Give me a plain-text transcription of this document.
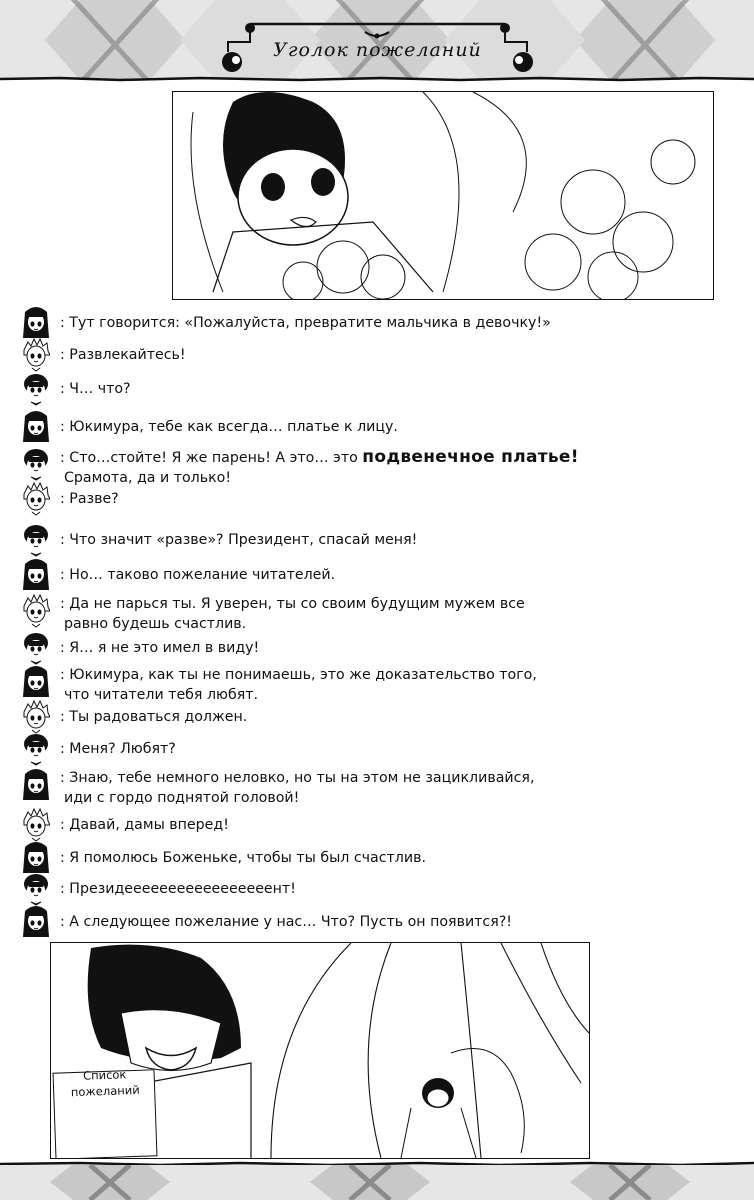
Уголок пожеланий
: Тут говорится: «Пожалуйста, превратите мальчика в девочку!»
: Развлекайтесь!
: Ч… что?
: Юкимура, тебе как всегда… платье к лицу.
: Сто…стойте! Я же парень! А это… это подвенечное платье!
Срамота, да и только!
: Разве?
: Что значит «разве»? Президент, спасай меня!
: Но… таково пожелание читателей.
: Да не парься ты. Я уверен, ты со своим будущим мужем все
равно будешь счастлив.
: Я… я не это имел в виду!
: Юкимура, как ты не понимаешь, это же доказательство того,
что читатели тебя любят.
: Ты радоваться должен.
: Меня? Любят?
: Знаю, тебе немного неловко, но ты на этом не зацикливайся,
иди с гордо поднятой головой!
: Давай, дамы вперед!
: Я помолюсь Боженьке, чтобы ты был счастлив.
: Президееееееееееееееееент!
: А следующее пожелание у нас… Что? Пусть он появится?!
Список
пожеланий
